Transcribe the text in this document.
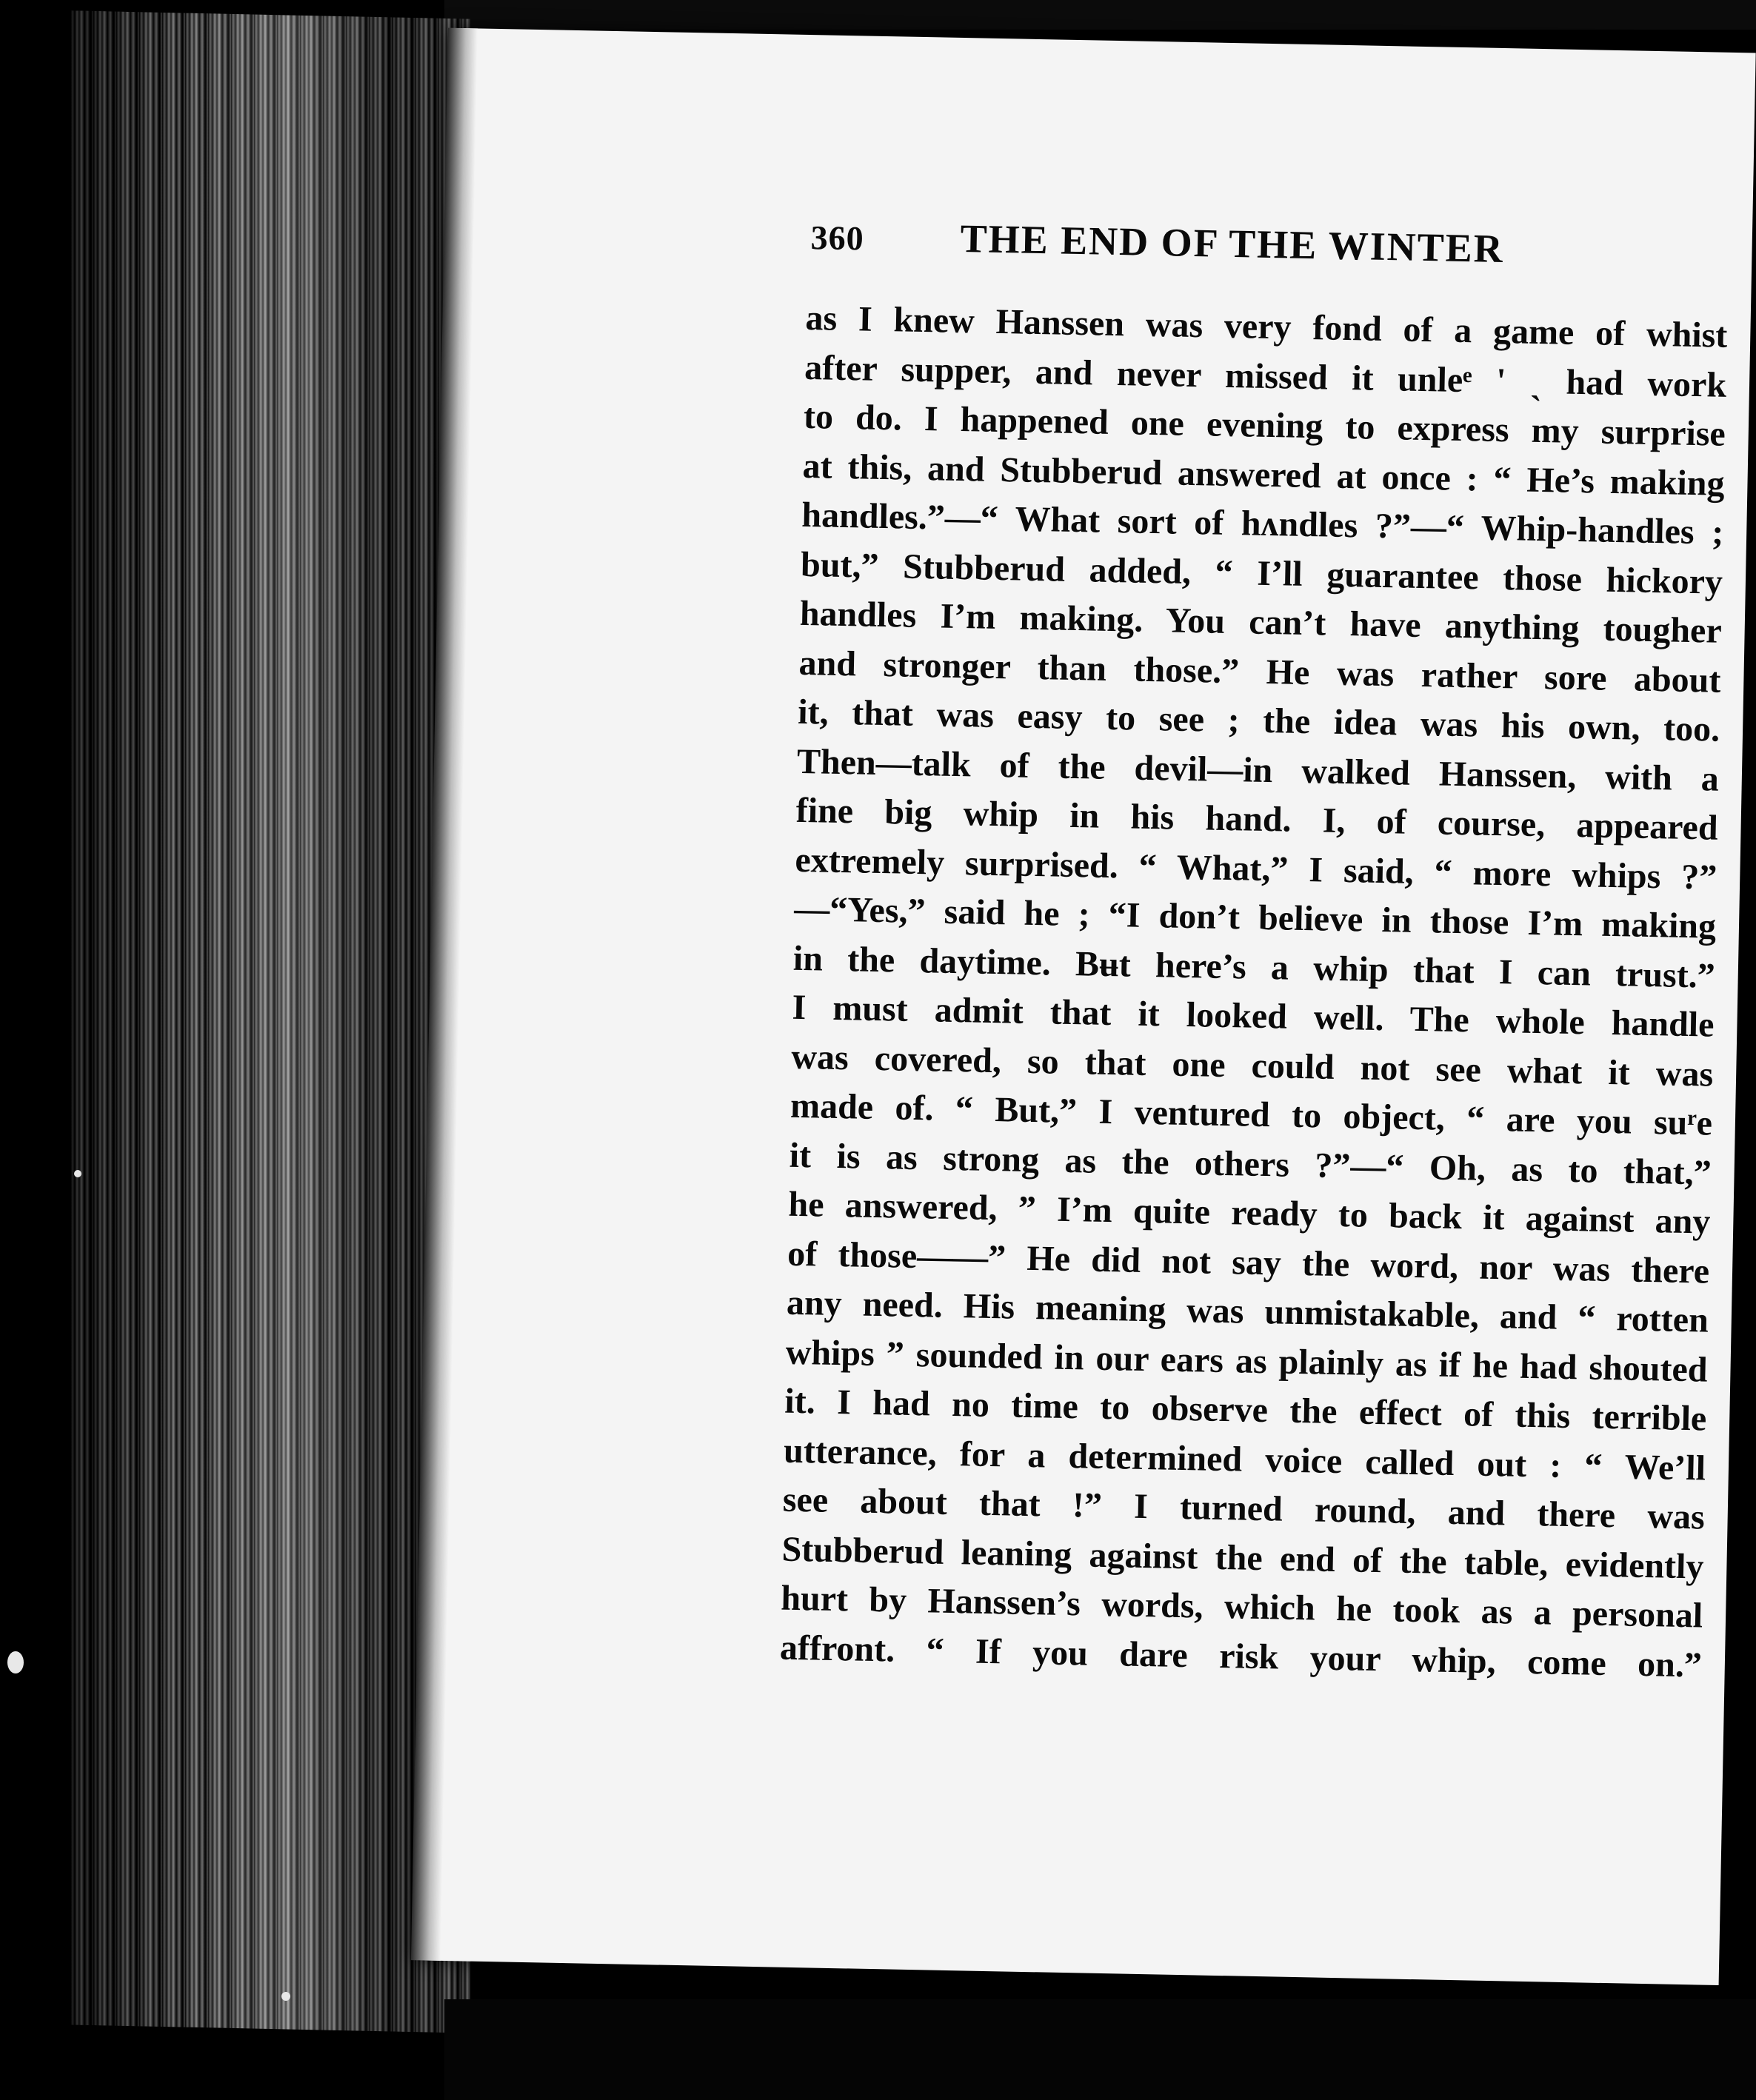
360 THE END OF THE WINTER
as I knew Hanssen was very fond of a game of whist
after supper, and never missed it unleᵉ ' ˎ had work
to do. I happened one evening to express my surprise
at this, and Stubberud answered at once : “ He’s making
handles.”—“ What sort of hʌndles ?”—“ Whip-handles ;
but,” Stubberud added, “ I’ll guarantee those hickory
handles I’m making. You can’t have anything tougher
and stronger than those.” He was rather sore about
it, that was easy to see ; the idea was his own, too.
Then—talk of the devil—in walked Hanssen, with a
fine big whip in his hand. I, of course, appeared
extremely surprised. “ What,” I said, “ more whips ?”
—“Yes,” said he ; “I don’t believe in those I’m making
in the daytime. Bʉt here’s a whip that I can trust.”
I must admit that it looked well. The whole handle
was covered, so that one could not see what it was
made of. “ But,” I ventured to object, “ are you suʳe
it is as strong as the others ?”—“ Oh, as to that,”
he answered, ” I’m quite ready to back it against any
of those——” He did not say the word, nor was there
any need. His meaning was unmistakable, and “ rotten
whips ” sounded in our ears as plainly as if he had shouted
it. I had no time to observe the effect of this terrible
utterance, for a determined voice called out : “ We’ll
see about that !” I turned round, and there was
Stubberud leaning against the end of the table, evidently
hurt by Hanssen’s words, which he took as a personal
affront. “ If you dare risk your whip, come on.”
